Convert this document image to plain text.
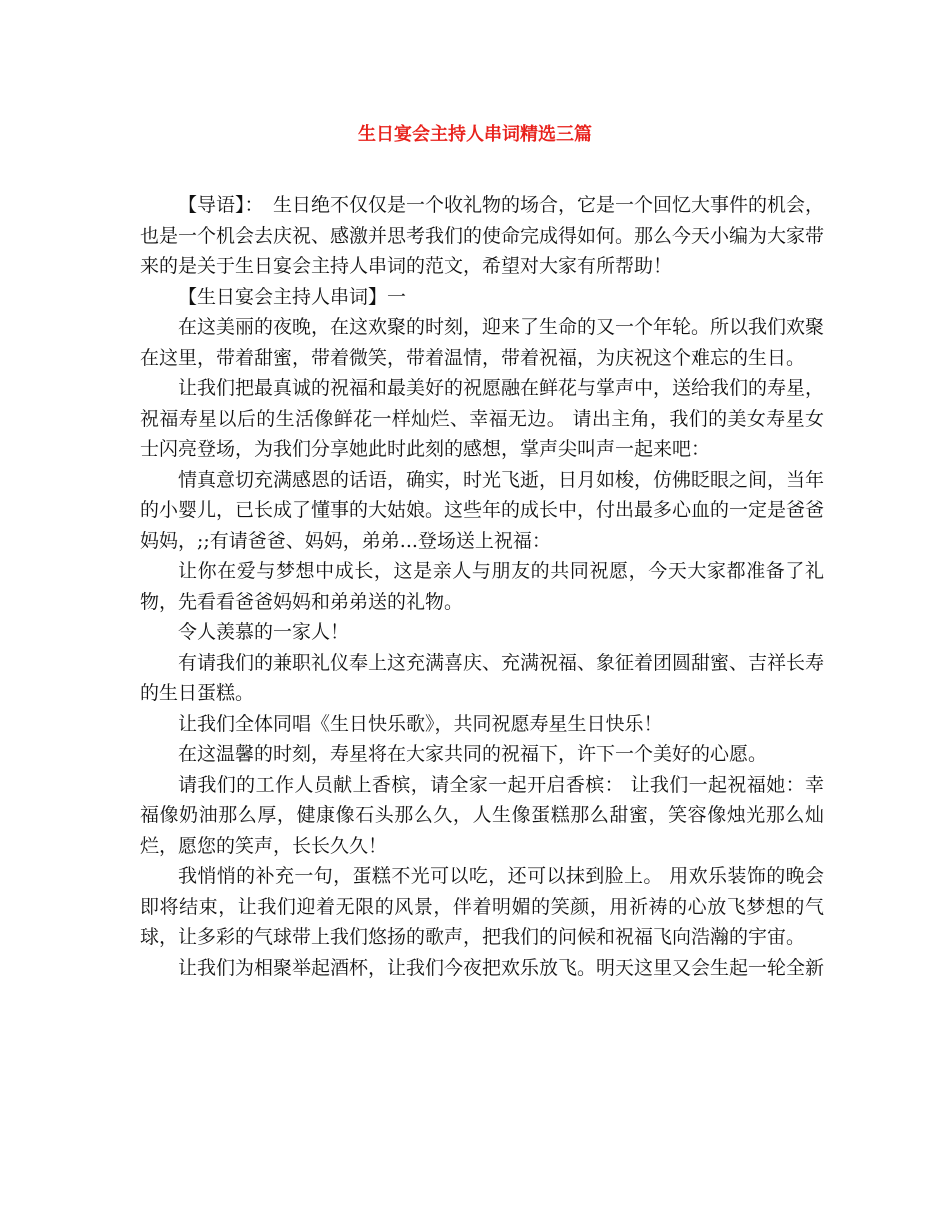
生日宴会主持人串词精选三篇

【导语】：　生日绝不仅仅是一个收礼物的场合，它是一个回忆大事件的机会，也是一个机会去庆祝、感激并思考我们的使命完成得如何。那么今天小编为大家带来的是关于生日宴会主持人串词的范文，希望对大家有所帮助！

【生日宴会主持人串词】一

在这美丽的夜晚，在这欢聚的时刻，迎来了生命的又一个年轮。所以我们欢聚在这里，带着甜蜜，带着微笑，带着温情，带着祝福，为庆祝这个难忘的生日。

让我们把最真诚的祝福和最美好的祝愿融在鲜花与掌声中，送给我们的寿星，祝福寿星以后的生活像鲜花一样灿烂、幸福无边。 请出主角，我们的美女寿星女士闪亮登场，为我们分享她此时此刻的感想，掌声尖叫声一起来吧：

情真意切充满感恩的话语，确实，时光飞逝，日月如梭，仿佛眨眼之间，当年的小婴儿，已长成了懂事的大姑娘。这些年的成长中，付出最多心血的一定是爸爸妈妈，;;有请爸爸、妈妈，弟弟...登场送上祝福：

让你在爱与梦想中成长，这是亲人与朋友的共同祝愿，今天大家都准备了礼物，先看看爸爸妈妈和弟弟送的礼物。

令人羡慕的一家人！

有请我们的兼职礼仪奉上这充满喜庆、充满祝福、象征着团圆甜蜜、吉祥长寿的生日蛋糕。

让我们全体同唱《生日快乐歌》，共同祝愿寿星生日快乐！

在这温馨的时刻，寿星将在大家共同的祝福下，许下一个美好的心愿。

请我们的工作人员献上香槟，请全家一起开启香槟： 让我们一起祝福她：幸福像奶油那么厚，健康像石头那么久，人生像蛋糕那么甜蜜，笑容像烛光那么灿烂，愿您的笑声，长长久久！

我悄悄的补充一句，蛋糕不光可以吃，还可以抹到脸上。 用欢乐装饰的晚会即将结束，让我们迎着无限的风景，伴着明媚的笑颜，用祈祷的心放飞梦想的气球，让多彩的气球带上我们悠扬的歌声，把我们的问候和祝福飞向浩瀚的宇宙。

让我们为相聚举起酒杯，让我们今夜把欢乐放飞。明天这里又会生起一轮全新
